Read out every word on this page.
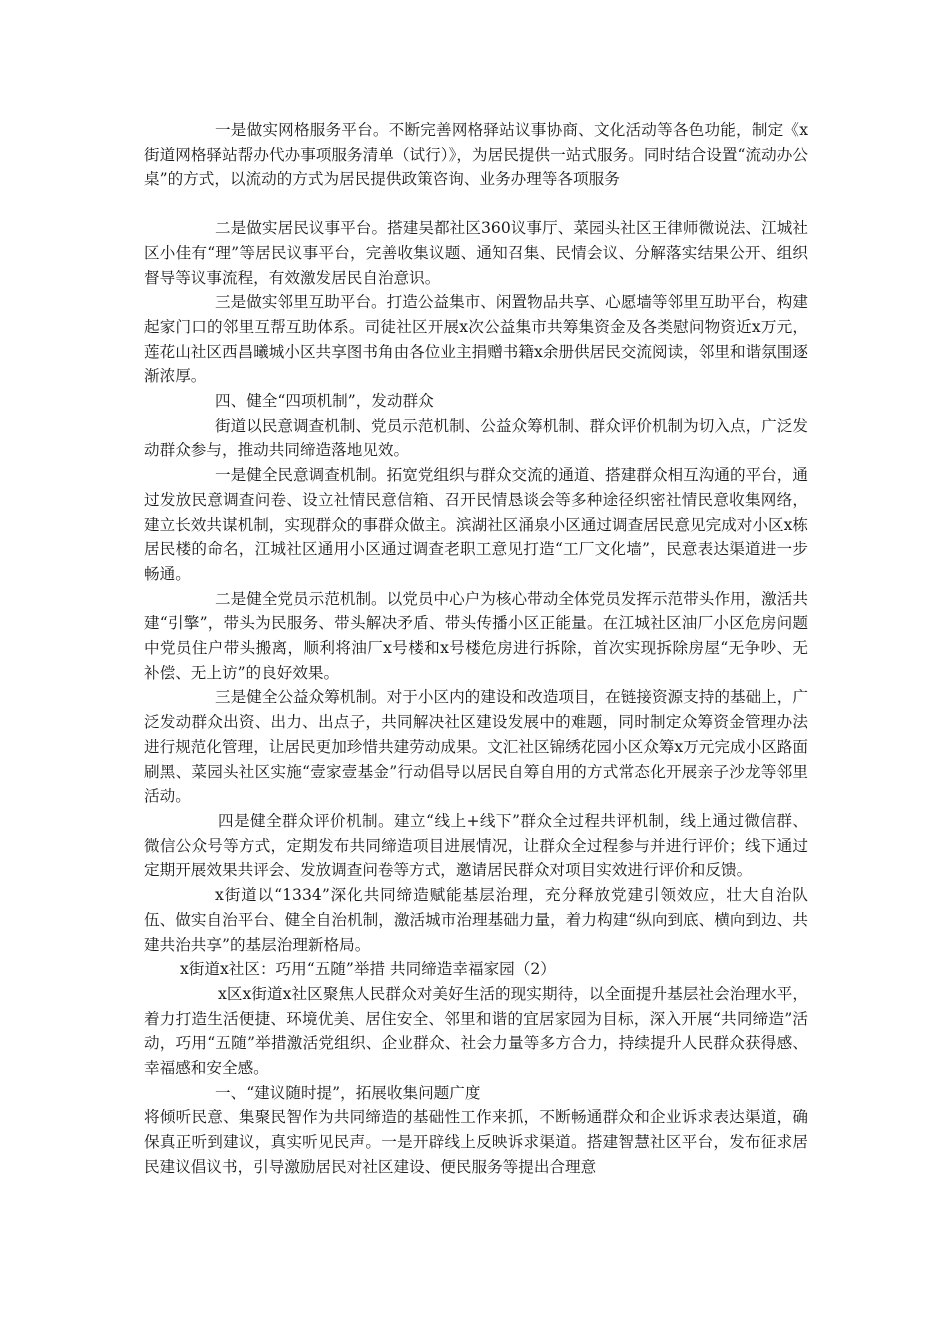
一是做实网格服务平台。不断完善网格驿站议事协商、文化活动等各色功能，制定《x街道网格驿站帮办代办事项服务清单（试行）》，为居民提供一站式服务。同时结合设置“流动办公桌”的方式，以流动的方式为居民提供政策咨询、业务办理等各项服务

二是做实居民议事平台。搭建吴都社区360议事厅、菜园头社区王律师微说法、江城社区小佳有“理”等居民议事平台，完善收集议题、通知召集、民情会议、分解落实结果公开、组织督导等议事流程，有效激发居民自治意识。

三是做实邻里互助平台。打造公益集市、闲置物品共享、心愿墙等邻里互助平台，构建起家门口的邻里互帮互助体系。司徒社区开展x次公益集市共筹集资金及各类慰问物资近x万元，莲花山社区西昌曦城小区共享图书角由各位业主捐赠书籍x余册供居民交流阅读，邻里和谐氛围逐渐浓厚。

四、健全“四项机制”，发动群众

街道以民意调查机制、党员示范机制、公益众筹机制、群众评价机制为切入点，广泛发动群众参与，推动共同缔造落地见效。

一是健全民意调查机制。拓宽党组织与群众交流的通道、搭建群众相互沟通的平台，通过发放民意调查问卷、设立社情民意信箱、召开民情恳谈会等多种途径织密社情民意收集网络，建立长效共谋机制，实现群众的事群众做主。滨湖社区涌泉小区通过调查居民意见完成对小区x栋居民楼的命名，江城社区通用小区通过调查老职工意见打造“工厂文化墙”，民意表达渠道进一步畅通。

二是健全党员示范机制。以党员中心户为核心带动全体党员发挥示范带头作用，激活共建“引擎”，带头为民服务、带头解决矛盾、带头传播小区正能量。在江城社区油厂小区危房问题中党员住户带头搬离，顺利将油厂x号楼和x号楼危房进行拆除，首次实现拆除房屋“无争吵、无补偿、无上访”的良好效果。

三是健全公益众筹机制。对于小区内的建设和改造项目，在链接资源支持的基础上，广泛发动群众出资、出力、出点子，共同解决社区建设发展中的难题，同时制定众筹资金管理办法进行规范化管理，让居民更加珍惜共建劳动成果。文汇社区锦绣花园小区众筹x万元完成小区路面刷黑、菜园头社区实施“壹家壹基金”行动倡导以居民自筹自用的方式常态化开展亲子沙龙等邻里活动。

四是健全群众评价机制。建立“线上+线下”群众全过程共评机制，线上通过微信群、微信公众号等方式，定期发布共同缔造项目进展情况，让群众全过程参与并进行评价；线下通过定期开展效果共评会、发放调查问卷等方式，邀请居民群众对项目实效进行评价和反馈。

x街道以“1334”深化共同缔造赋能基层治理，充分释放党建引领效应，壮大自治队伍、做实自治平台、健全自治机制，激活城市治理基础力量，着力构建“纵向到底、横向到边、共建共治共享”的基层治理新格局。

x街道x社区：巧用“五随”举措 共同缔造幸福家园（2）

x区x街道x社区聚焦人民群众对美好生活的现实期待，以全面提升基层社会治理水平，着力打造生活便捷、环境优美、居住安全、邻里和谐的宜居家园为目标，深入开展“共同缔造”活动，巧用“五随”举措激活党组织、企业群众、社会力量等多方合力，持续提升人民群众获得感、幸福感和安全感。

一、“建议随时提”，拓展收集问题广度

将倾听民意、集聚民智作为共同缔造的基础性工作来抓，不断畅通群众和企业诉求表达渠道，确保真正听到建议，真实听见民声。一是开辟线上反映诉求渠道。搭建智慧社区平台，发布征求居民建议倡议书，引导激励居民对社区建设、便民服务等提出合理意
